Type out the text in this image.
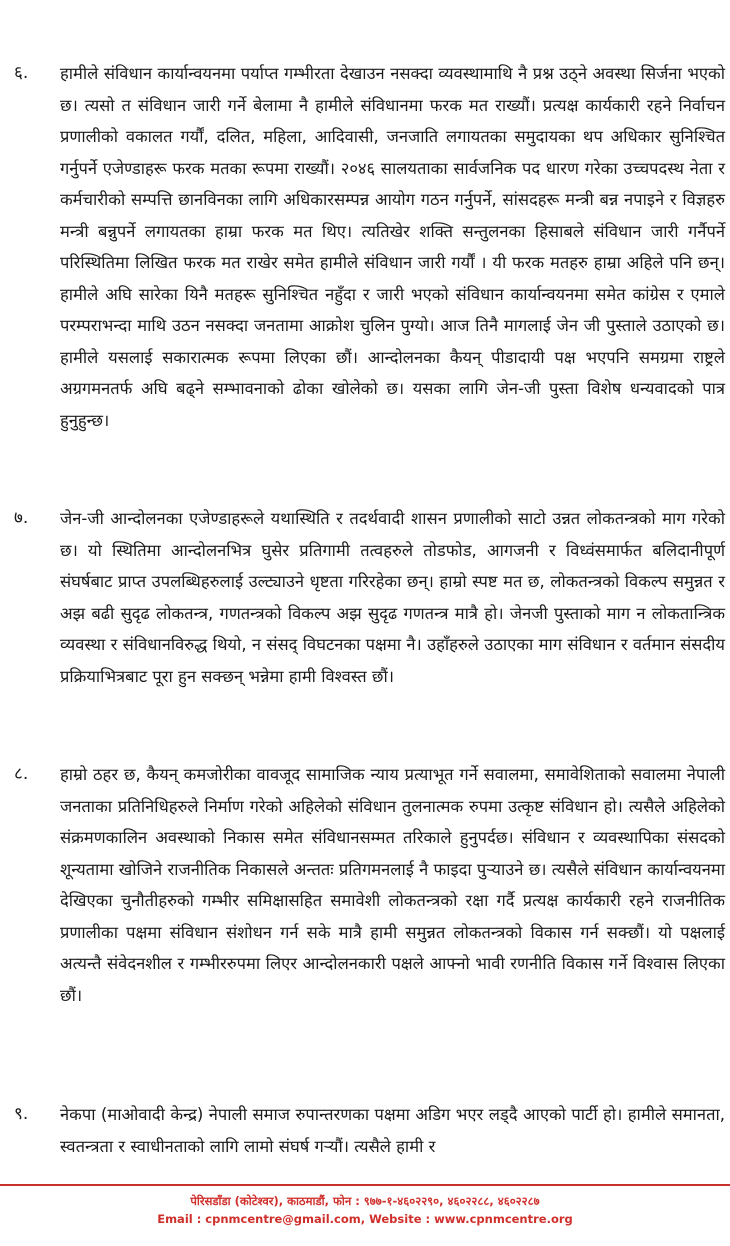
६. हामीले संविधान कार्यान्वयनमा पर्याप्त गम्भीरता देखाउन नसक्दा व्यवस्थामाथि नै प्रश्न उठ्ने अवस्था सिर्जना भएको छ। त्यसो त संविधान जारी गर्ने बेलामा नै हामीले संविधानमा फरक मत राख्यौं। प्रत्यक्ष कार्यकारी रहने निर्वाचन प्रणालीको वकालत गर्यौं, दलित, महिला, आदिवासी, जनजाति लगायतका समुदायका थप अधिकार सुनिश्चित गर्नुपर्ने एजेण्डाहरू फरक मतका रूपमा राख्यौं। २०४६ सालयताका सार्वजनिक पद धारण गरेका उच्चपदस्थ नेता र कर्मचारीको सम्पत्ति छानविनका लागि अधिकारसम्पन्न आयोग गठन गर्नुपर्ने, सांसदहरू मन्त्री बन्न नपाइने र विज्ञहरु मन्त्री बन्नुपर्ने लगायतका हाम्रा फरक मत थिए। त्यतिखेर शक्ति सन्तुलनका हिसाबले संविधान जारी गर्नैपर्ने परिस्थितिमा लिखित फरक मत राखेर समेत हामीले संविधान जारी गर्यौं । यी फरक मतहरु हाम्रा अहिले पनि छन्। हामीले अघि सारेका यिनै मतहरू सुनिश्चित नहुँदा र जारी भएको संविधान कार्यान्वयनमा समेत कांग्रेस र एमाले परम्पराभन्दा माथि उठन नसक्दा जनतामा आक्रोश चुलिन पुग्यो। आज तिनै मागलाई जेन जी पुस्ताले उठाएको छ। हामीले यसलाई सकारात्मक रूपमा लिएका छौं। आन्दोलनका कैयन् पीडादायी पक्ष भएपनि समग्रमा राष्ट्रले अग्रगमनतर्फ अघि बढ्ने सम्भावनाको ढोका खोलेको छ। यसका लागि जेन-जी पुस्ता विशेष धन्यवादको पात्र हुनुहुन्छ।
७. जेन-जी आन्दोलनका एजेण्डाहरूले यथास्थिति र तदर्थवादी शासन प्रणालीको साटो उन्नत लोकतन्त्रको माग गरेको छ। यो स्थितिमा आन्दोलनभित्र घुसेर प्रतिगामी तत्वहरुले तोडफोड, आगजनी र विध्वंसमार्फत बलिदानीपूर्ण संघर्षबाट प्राप्त उपलब्धिहरुलाई उल्ट्याउने धृष्टता गरिरहेका छन्। हाम्रो स्पष्ट मत छ, लोकतन्त्रको विकल्प समुन्नत र अझ बढी सुदृढ लोकतन्त्र, गणतन्त्रको विकल्प अझ सुदृढ गणतन्त्र मात्रै हो। जेनजी पुस्ताको माग न लोकतान्त्रिक व्यवस्था र संविधानविरुद्ध थियो, न संसद् विघटनका पक्षमा नै। उहाँहरुले उठाएका माग संविधान र वर्तमान संसदीय प्रक्रियाभित्रबाट पूरा हुन सक्छन् भन्नेमा हामी विश्वस्त छौं।
८. हाम्रो ठहर छ, कैयन् कमजोरीका वावजूद सामाजिक न्याय प्रत्याभूत गर्ने सवालमा, समावेशिताको सवालमा नेपाली जनताका प्रतिनिधिहरुले निर्माण गरेको अहिलेको संविधान तुलनात्मक रुपमा उत्कृष्ट संविधान हो। त्यसैले अहिलेको संक्रमणकालिन अवस्थाको निकास समेत संविधानसम्मत तरिकाले हुनुपर्दछ। संविधान र व्यवस्थापिका संसदको शून्यतामा खोजिने राजनीतिक निकासले अन्ततः प्रतिगमनलाई नै फाइदा पुर्‍याउने छ। त्यसैले संविधान कार्यान्वयनमा देखिएका चुनौतीहरुको गम्भीर समिक्षासहित समावेशी लोकतन्त्रको रक्षा गर्दै प्रत्यक्ष कार्यकारी रहने राजनीतिक प्रणालीका पक्षमा संविधान संशोधन गर्न सके मात्रै हामी समुन्नत लोकतन्त्रको विकास गर्न सक्छौं। यो पक्षलाई अत्यन्तै संवेदनशील र गम्भीररुपमा लिएर आन्दोलनकारी पक्षले आफ्नो भावी रणनीति विकास गर्ने विश्वास लिएका छौं।
९. नेकपा (माओवादी केन्द्र) नेपाली समाज रुपान्तरणका पक्षमा अडिग भएर लड्दै आएको पार्टी हो। हामीले समानता, स्वतन्त्रता र स्वाधीनताको लागि लामो संघर्ष गर्‍यौं। त्यसैले हामी र
पेरिसडाँडा (कोटेश्वर), काठमाडौं, फोन : ९७७-१-४६०२२९०, ४६०२२८८, ४६०२२८७
Email : cpnmcentre@gmail.com, Website : www.cpnmcentre.org
